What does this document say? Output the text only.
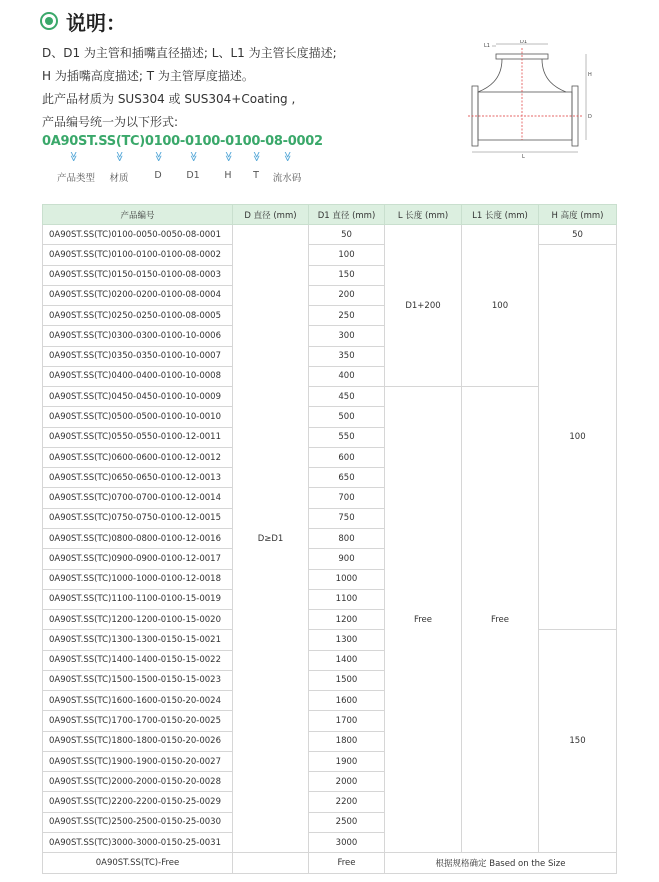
说明：

D、D1 为主管和插嘴直径描述; L、L1 为主管长度描述;

H 为插嘴高度描述; T 为主管厚度描述。

此产品材质为 SUS304 或 SUS304+Coating ,

产品编号统一为以下形式:

0A90ST.SS(TC)0100-0100-0100-08-0002
≫
产品类型
≫
材质
≫
D
≫
D1
≫
H
≫
T
≫
流水码
L1
D1
H
D
L
产品编号	D 直径 (mm)	D1 直径 (mm)	L 长度 (mm)	L1 长度 (mm)	H 高度 (mm)
0A90ST.SS(TC)0100-0050-0050-08-0001	D≥D1	50	D1+200	100	50
0A90ST.SS(TC)0100-0100-0100-08-0002		100			100
0A90ST.SS(TC)0150-0150-0100-08-0003		150			
0A90ST.SS(TC)0200-0200-0100-08-0004		200			
0A90ST.SS(TC)0250-0250-0100-08-0005		250			
0A90ST.SS(TC)0300-0300-0100-10-0006		300			
0A90ST.SS(TC)0350-0350-0100-10-0007		350			
0A90ST.SS(TC)0400-0400-0100-10-0008		400			
0A90ST.SS(TC)0450-0450-0100-10-0009		450	Free	Free	
0A90ST.SS(TC)0500-0500-0100-10-0010		500			
0A90ST.SS(TC)0550-0550-0100-12-0011		550			
0A90ST.SS(TC)0600-0600-0100-12-0012		600			
0A90ST.SS(TC)0650-0650-0100-12-0013		650			
0A90ST.SS(TC)0700-0700-0100-12-0014		700			
0A90ST.SS(TC)0750-0750-0100-12-0015		750			
0A90ST.SS(TC)0800-0800-0100-12-0016		800			
0A90ST.SS(TC)0900-0900-0100-12-0017		900			
0A90ST.SS(TC)1000-1000-0100-12-0018		1000			
0A90ST.SS(TC)1100-1100-0100-15-0019		1100			
0A90ST.SS(TC)1200-1200-0100-15-0020		1200			
0A90ST.SS(TC)1300-1300-0150-15-0021		1300			150
0A90ST.SS(TC)1400-1400-0150-15-0022		1400			
0A90ST.SS(TC)1500-1500-0150-15-0023		1500			
0A90ST.SS(TC)1600-1600-0150-20-0024		1600			
0A90ST.SS(TC)1700-1700-0150-20-0025		1700			
0A90ST.SS(TC)1800-1800-0150-20-0026		1800			
0A90ST.SS(TC)1900-1900-0150-20-0027		1900			
0A90ST.SS(TC)2000-2000-0150-20-0028		2000			
0A90ST.SS(TC)2200-2200-0150-25-0029		2200			
0A90ST.SS(TC)2500-2500-0150-25-0030		2500			
0A90ST.SS(TC)3000-3000-0150-25-0031		3000			
0A90ST.SS(TC)-Free		Free	根据规格确定 Based on the Size		
